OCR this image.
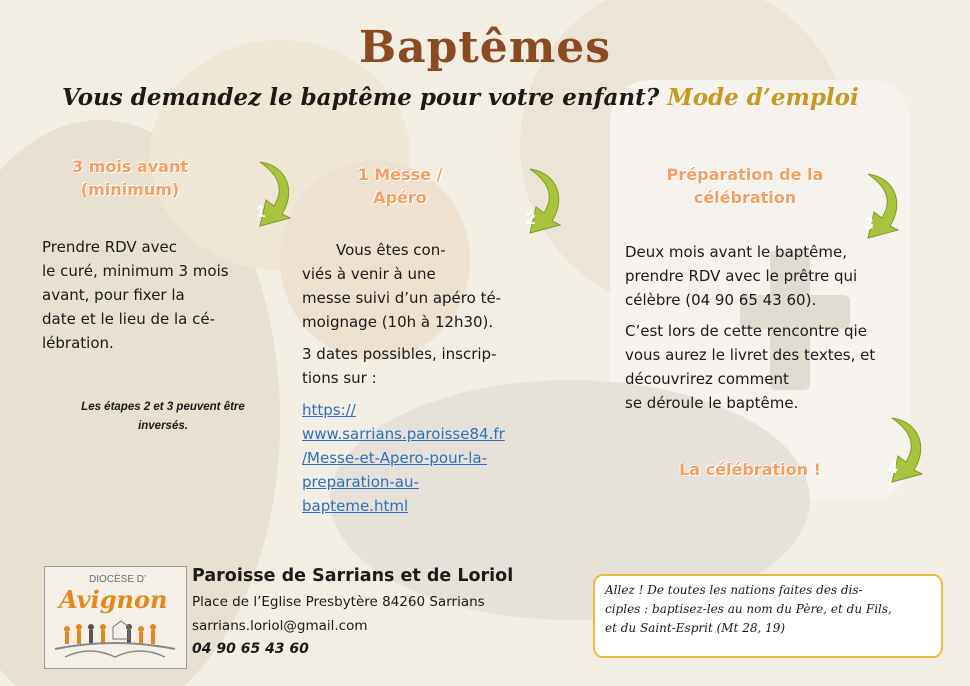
Baptêmes
Vous demandez le baptême pour votre enfant? Mode d’emploi
3 mois avant
(minimum)
1 Messe /
Apéro
Préparation de la
célébration
La célébration !
1	2	3
4
Prendre RDV avec
le curé, minimum 3 mois
avant, pour fixer la
date et le lieu de la cé-
lébration.
Les étapes 2 et 3 peuvent être
inversés.
Vous êtes con-
viés à venir à une
messe suivi d’un apéro té-
moignage (10h à 12h30).
3 dates possibles, inscrip-
tions sur :
https://
www.sarrians.paroisse84.fr
/Messe-et-Apero-pour-la-
preparation-au-
bapteme.html
Deux mois avant le baptême,
prendre RDV avec le prêtre qui
célèbre (04 90 65 43 60).
C’est lors de cette rencontre qie
vous aurez le livret des textes, et
découvrirez comment
se déroule le baptême.
DIOCÈSE D’
Avignon
Paroisse de Sarrians et de Loriol
Place de l’Eglise Presbytère 84260 Sarrians
sarrians.loriol@gmail.com
04 90 65 43 60
Allez ! De toutes les nations faites des dis-
ciples : baptisez-les au nom du Père, et du Fils,
et du Saint-Esprit (Mt 28, 19)
